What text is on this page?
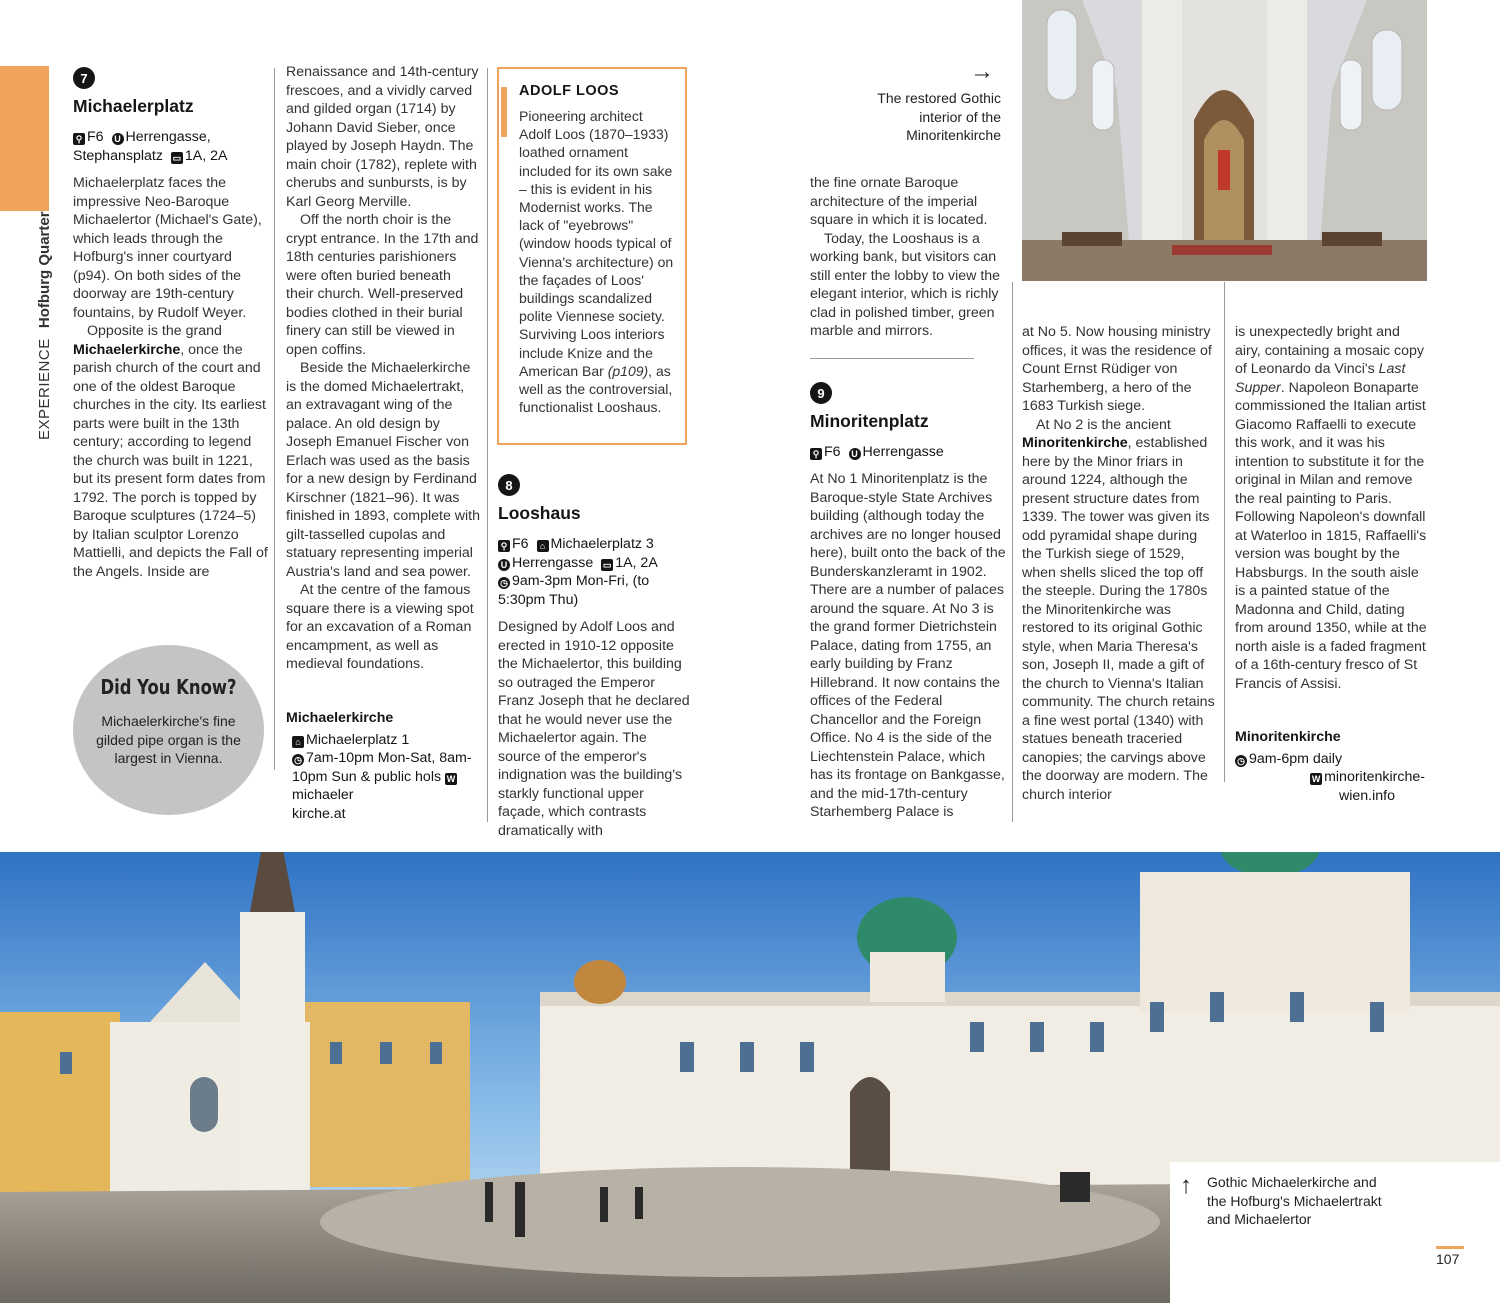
EXPERIENCE Hofburg Quarter
7
Michaelerplatz
⚲ F6 U Herrengasse,
Stephansplatz ▭ 1A, 2A

Michaelerplatz faces the impressive Neo-Baroque Michaelertor (Michael's Gate), which leads through the Hofburg's inner courtyard (p94). On both sides of the doorway are 19th-century fountains, by Rudolf Weyer.

Opposite is the grand Michaelerkirche, once the parish church of the court and one of the oldest Baroque churches in the city. Its earliest parts were built in the 13th century; according to legend the church was built in 1221, but its present form dates from 1792. The porch is topped by Baroque sculptures (1724–5) by Italian sculptor Lorenzo Mattielli, and depicts the Fall of the Angels. Inside are

Did You Know?
Michaelerkirche's fine gilded pipe organ is the largest in Vienna.

Renaissance and 14th-century frescoes, and a vividly carved and gilded organ (1714) by Johann David Sieber, once played by Joseph Haydn. The main choir (1782), replete with cherubs and sunbursts, is by Karl Georg Merville.

Off the north choir is the crypt entrance. In the 17th and 18th centuries parishioners were often buried beneath their church. Well-preserved bodies clothed in their burial finery can still be viewed in open coffins.

Beside the Michaelerkirche is the domed Michaelertrakt, an extravagant wing of the palace. An old design by Joseph Emanuel Fischer von Erlach was used as the basis for a new design by Ferdinand Kirschner (1821–96). It was finished in 1893, complete with gilt-tasselled cupolas and statuary representing imperial Austria's land and sea power.

At the centre of the famous square there is a viewing spot for an excavation of a Roman encampment, as well as medieval foundations.

Michaelerkirche
⌂ Michaelerplatz 1
◷ 7am-10pm Mon-Sat, 8am-10pm Sun & public hols Wmichaeler
kirche.at
ADOLF LOOS
Pioneering architect Adolf Loos (1870–1933) loathed ornament included for its own sake – this is evident in his Modernist works. The lack of "eyebrows" (window hoods typical of Vienna's architecture) on the façades of Loos' buildings scandalized polite Viennese society. Surviving Loos interiors include Knize and the American Bar (p109), as well as the controversial, functionalist Looshaus.
8
Looshaus
⚲ F6 ⌂ Michaelerplatz 3
U Herrengasse ▭ 1A, 2A
◷ 9am-3pm Mon-Fri, (to 5:30pm Thu)
Designed by Adolf Loos and erected in 1910-12 opposite the Michaelertor, this building so outraged the Emperor Franz Joseph that he declared that he would never use the Michaelertor again. The source of the emperor's indignation was the building's starkly functional upper façade, which contrasts dramatically with
→
The restored Gothic interior of the Minoritenkirche

the fine ornate Baroque architecture of the imperial square in which it is located.

Today, the Looshaus is a working bank, but visitors can still enter the lobby to view the elegant interior, which is richly clad in polished timber, green marble and mirrors.

9
Minoritenplatz
⚲ F6 U Herrengasse
At No 1 Minoritenplatz is the Baroque-style State Archives building (although today the archives are no longer housed here), built onto the back of the Bunderskanzleramt in 1902. There are a number of palaces around the square. At No 3 is the grand former Dietrichstein Palace, dating from 1755, an early building by Franz Hillebrand. It now contains the offices of the Federal Chancellor and the Foreign Office. No 4 is the side of the Liechtenstein Palace, which has its frontage on Bankgasse, and the mid-17th-century Starhemberg Palace is

at No 5. Now housing ministry offices, it was the residence of Count Ernst Rüdiger von Starhemberg, a hero of the 1683 Turkish siege.

At No 2 is the ancient Minoritenkirche, established here by the Minor friars in around 1224, although the present structure dates from 1339. The tower was given its odd pyramidal shape during the Turkish siege of 1529, when shells sliced the top off the steeple. During the 1780s the Minoritenkirche was restored to its original Gothic style, when Maria Theresa's son, Joseph II, made a gift of the church to Vienna's Italian community. The church retains a fine west portal (1340) with statues beneath traceried canopies; the carvings above the doorway are modern. The church interior

is unexpectedly bright and airy, containing a mosaic copy of Leonardo da Vinci's Last Supper. Napoleon Bonaparte commissioned the Italian artist Giacomo Raffaelli to execute this work, and it was his intention to substitute it for the original in Milan and remove the real painting to Paris. Following Napoleon's downfall at Waterloo in 1815, Raffaelli's version was bought by the Habsburgs. In the south aisle is a painted statue of the Madonna and Child, dating from around 1350, while at the north aisle is a faded fragment of a 16th-century fresco of St Francis of Assisi.

Minoritenkirche
◷ 9am-6pm daily
W minoritenkirche-
wien.info
↑ Gothic Michaelerkirche and the Hofburg's Michaelertrakt and Michaelertor
107
